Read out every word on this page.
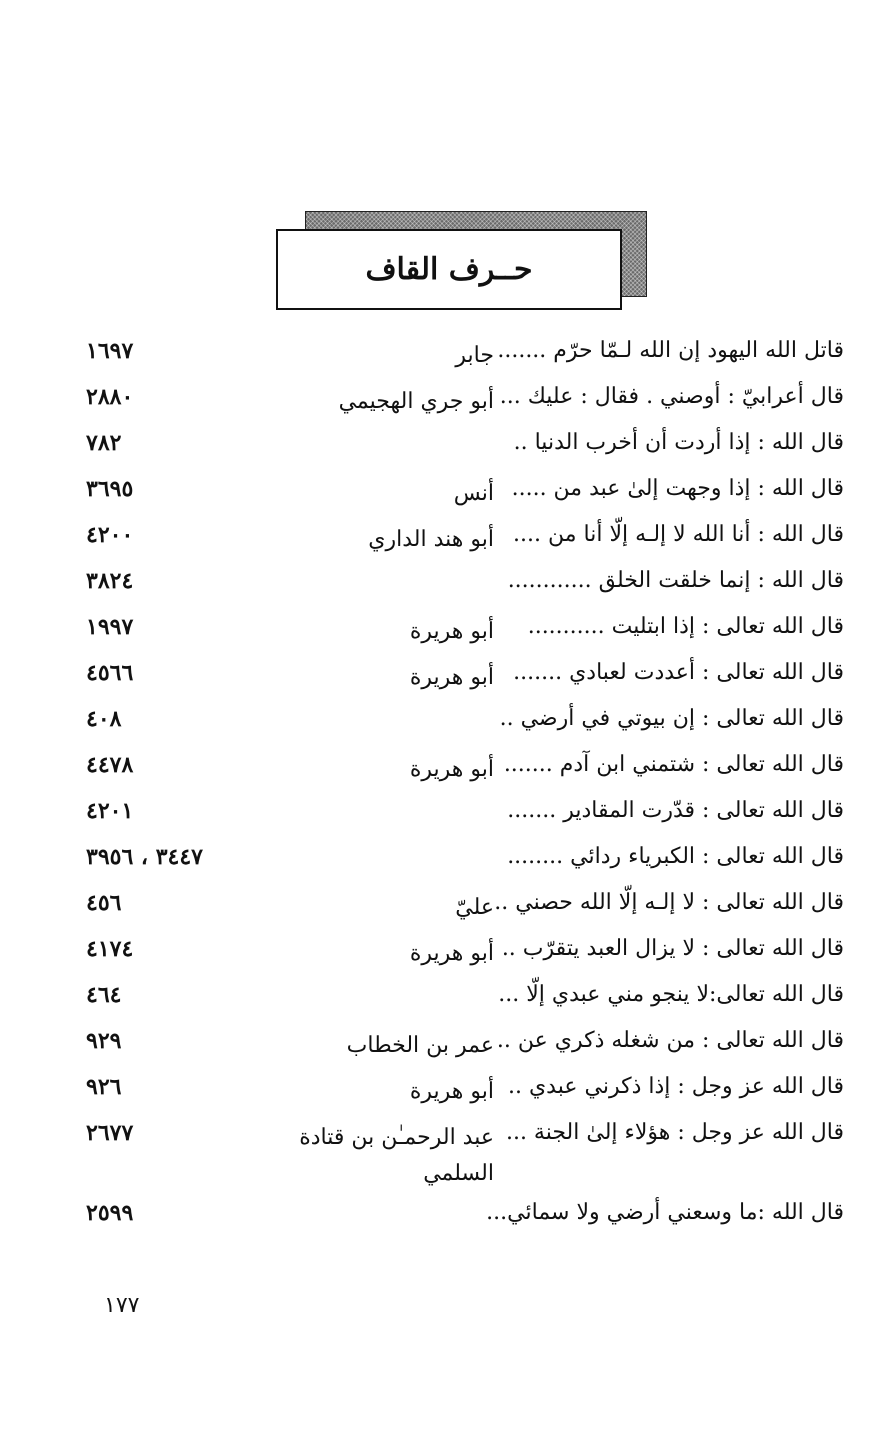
حــرف القاف
قاتل الله اليهود إن الله لـمّا حرّم .......
جابر
١٦٩٧
قال أعرابيّ : أوصني . فقال : عليك ...
أبو جري الهجيمي
٢٨٨٠
قال الله : إذا أردت أن أخرب الدنيا ..
٧٨٢
قال الله : إذا وجهت إلىٰ عبد من .....
أنس
٣٦٩٥
قال الله : أنا الله لا إلـه إلّا أنا من ....
أبو هند الداري
٤٢٠٠
قال الله : إنما خلقت الخلق ............
٣٨٢٤
قال الله تعالى : إذا ابتليت ...........
أبو هريرة
١٩٩٧
قال الله تعالى : أعددت لعبادي .......
أبو هريرة
٤٥٦٦
قال الله تعالى : إن بيوتي في أرضي ..
٤٠٨
قال الله تعالى : شتمني ابن آدم .......
أبو هريرة
٤٤٧٨
قال الله تعالى : قدّرت المقادير .......
٤٢٠١
قال الله تعالى : الكبرياء ردائي ........
٣٤٤٧ ، ٣٩٥٦
قال الله تعالى : لا إلـه إلّا الله حصني ..
عليّ
٤٥٦
قال الله تعالى : لا يزال العبد يتقرّب ..
أبو هريرة
٤١٧٤
قال الله تعالى:لا ينجو مني عبدي إلّا ...
٤٦٤
قال الله تعالى : من شغله ذكري عن ..
عمر بن الخطاب
٩٢٩
قال الله عز وجل : إذا ذكرني عبدي ..
أبو هريرة
٩٢٦
قال الله عز وجل : هؤلاء إلىٰ الجنة ...
عبد الرحمـٰن بن قتادة السلمي
٢٦٧٧
قال الله :ما وسعني أرضي ولا سمائي...
٢٥٩٩
١٧٧
